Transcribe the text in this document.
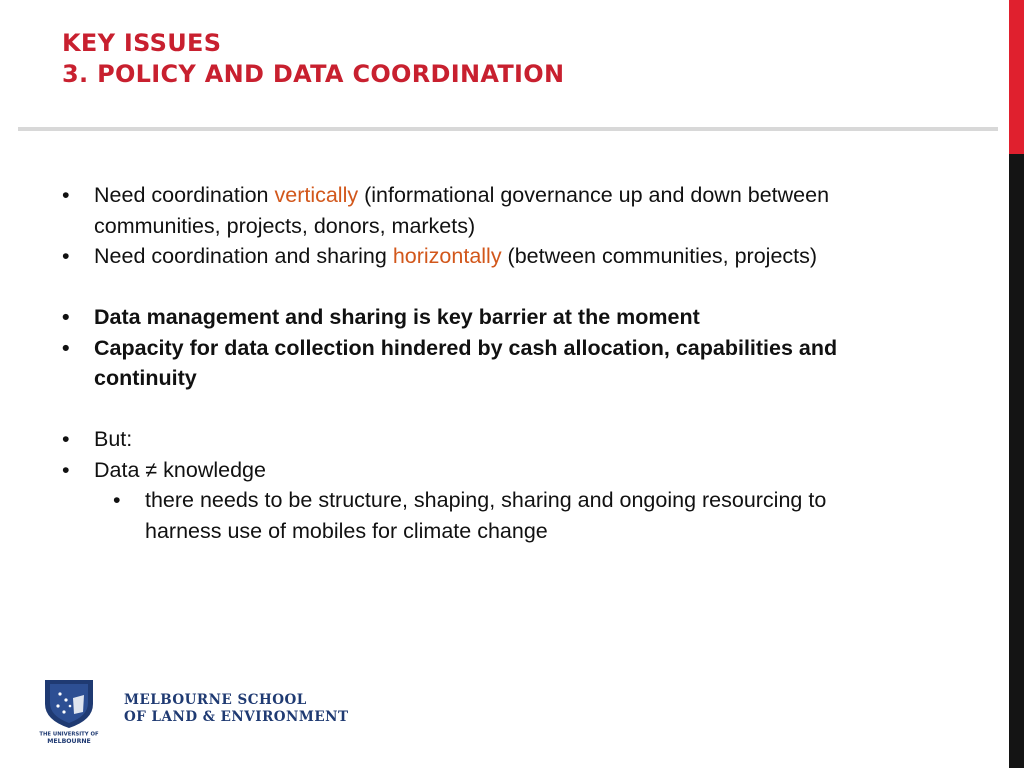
KEY ISSUES
3. POLICY AND DATA COORDINATION
• Need coordination vertically (informational governance up and down between communities, projects, donors, markets)
• Need coordination and sharing horizontally (between communities, projects)
• Data management and sharing is key barrier at the moment
• Capacity for data collection hindered by cash allocation, capabilities and continuity
• But:
• Data ≠ knowledge
• there needs to be structure, shaping, sharing and ongoing resourcing to harness use of mobiles for climate change
THE UNIVERSITY OF
MELBOURNE
MELBOURNE SCHOOL
OF LAND & ENVIRONMENT
